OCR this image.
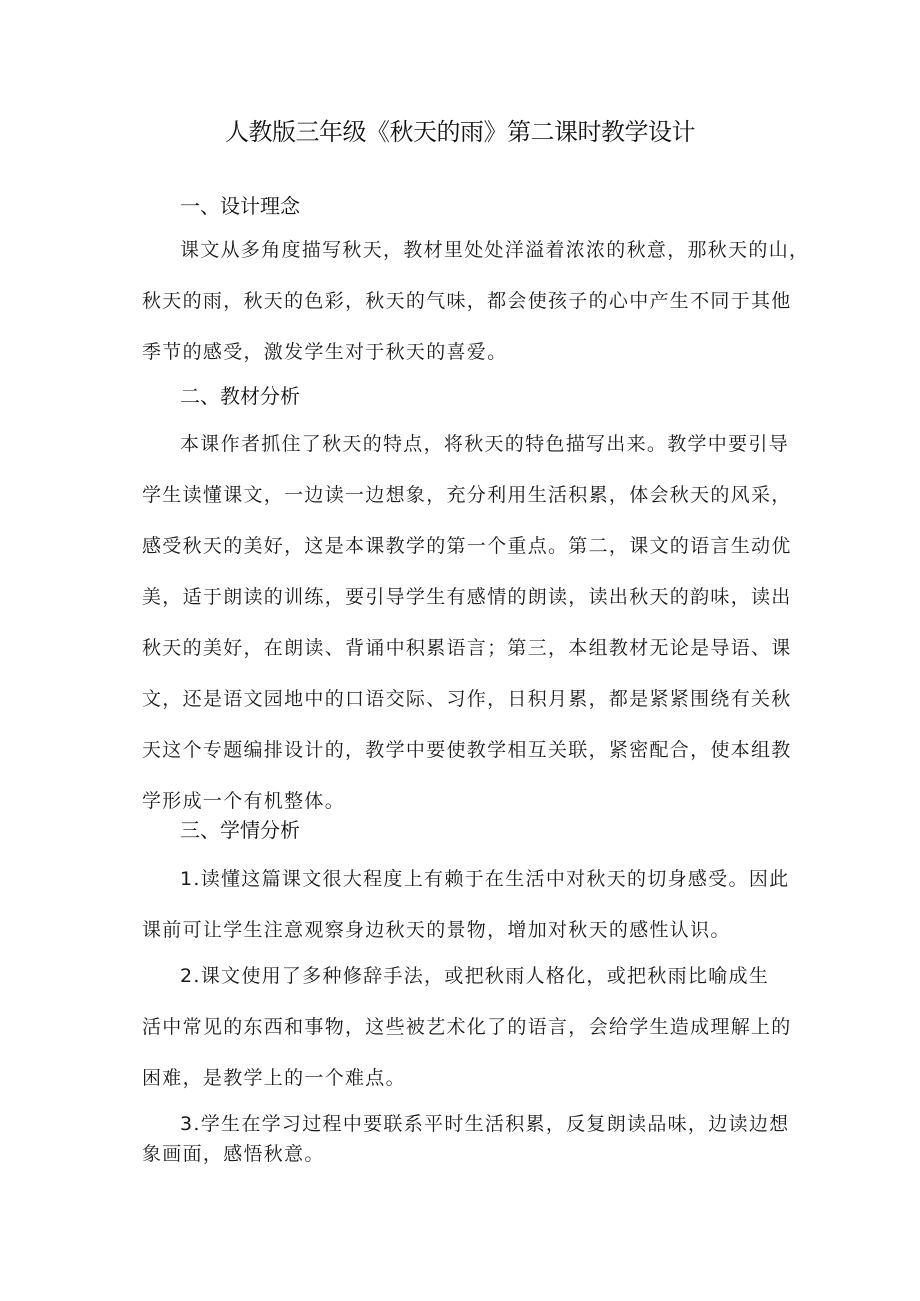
人教版三年级《秋天的雨》第二课时教学设计
一、设计理念
课文从多角度描写秋天，教材里处处洋溢着浓浓的秋意，那秋天的山，
秋天的雨，秋天的色彩，秋天的气味，都会使孩子的心中产生不同于其他
季节的感受，激发学生对于秋天的喜爱。
二、教材分析
本课作者抓住了秋天的特点，将秋天的特色描写出来。教学中要引导
学生读懂课文，一边读一边想象，充分利用生活积累，体会秋天的风采，
感受秋天的美好，这是本课教学的第一个重点。第二，课文的语言生动优
美，适于朗读的训练，要引导学生有感情的朗读，读出秋天的韵味，读出
秋天的美好，在朗读、背诵中积累语言；第三，本组教材无论是导语、课
文，还是语文园地中的口语交际、习作，日积月累，都是紧紧围绕有关秋
天这个专题编排设计的，教学中要使教学相互关联，紧密配合，使本组教
学形成一个有机整体。
三、学情分析
1.读懂这篇课文很大程度上有赖于在生活中对秋天的切身感受。因此
课前可让学生注意观察身边秋天的景物，增加对秋天的感性认识。
2.课文使用了多种修辞手法，或把秋雨人格化，或把秋雨比喻成生
活中常见的东西和事物，这些被艺术化了的语言，会给学生造成理解上的
困难，是教学上的一个难点。
3.学生在学习过程中要联系平时生活积累，反复朗读品味，边读边想
象画面，感悟秋意。
